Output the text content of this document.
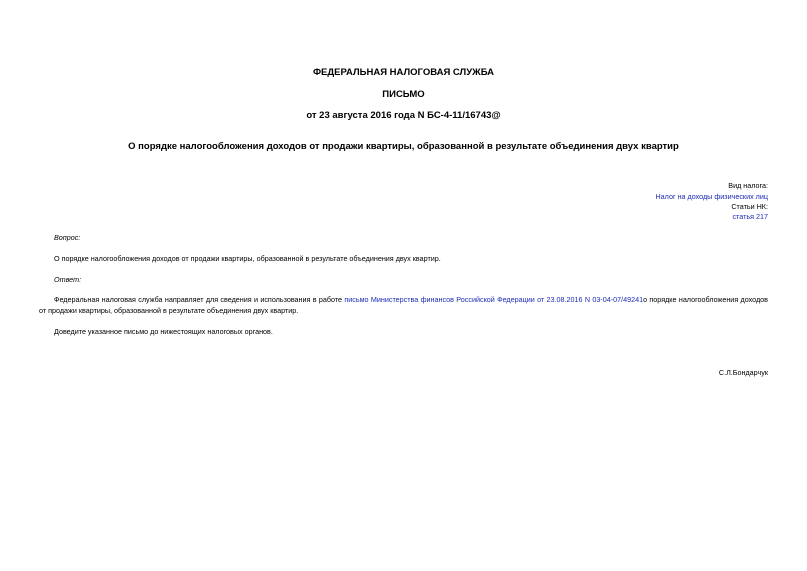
ФЕДЕРАЛЬНАЯ НАЛОГОВАЯ СЛУЖБА
ПИСЬМО
от 23 августа 2016 года N БС-4-11/16743@
О порядке налогообложения доходов от продажи квартиры, образованной в результате объединения двух квартир
Вид налога:
Налог на доходы физических лиц
Статьи НК:
статья 217
Вопрос:
О порядке налогообложения доходов от продажи квартиры, образованной в результате объединения двух квартир.
Ответ:
Федеральная налоговая служба направляет для сведения и использования в работе письмо Министерства финансов Российской Федерации от 23.08.2016 N 03-04-07/49241о порядке налогообложения доходов от продажи квартиры, образованной в результате объединения двух квартир.
Доведите указанное письмо до нижестоящих налоговых органов.
С.Л.Бондарчук
